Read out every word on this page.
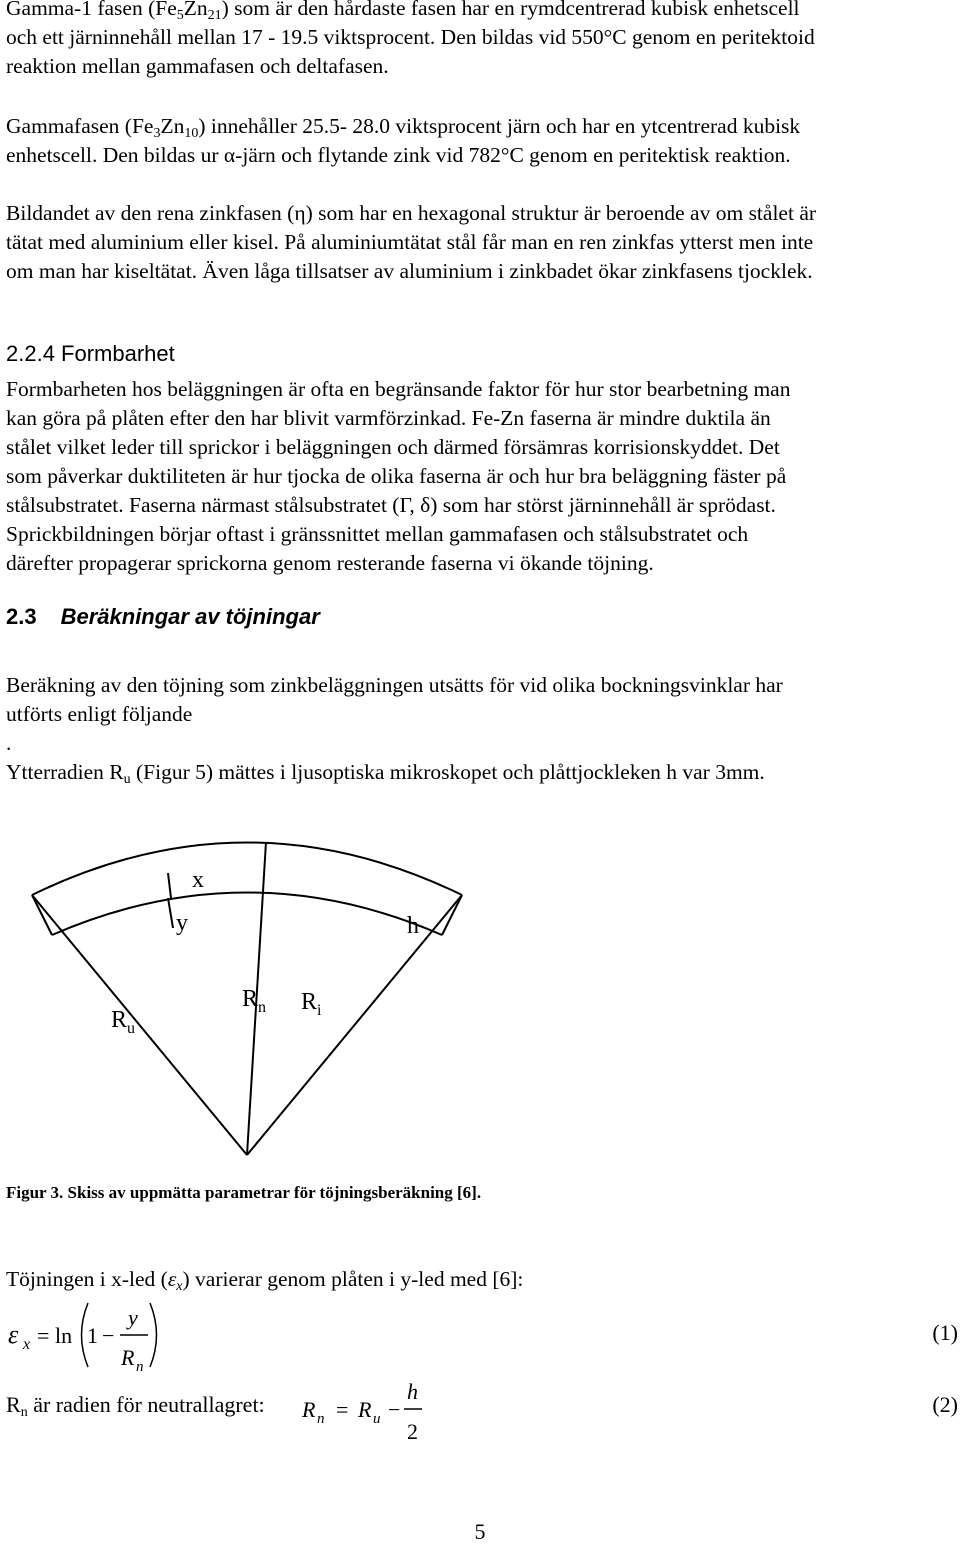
Gamma-1 fasen $(Fe_5Zn_{21})$ som är den hårdaste fasen har en rymdcentrerad kubisk enhetscell
och ett järninnehåll mellan 17 - 19.5 viktsprocent. Den bildas vid 550°C genom en peritektoid
reaktion mellan gammafasen och deltafasen.
Gammafasen $(Fe_3Zn_{10})$ innehåller 25.5- 28.0 viktsprocent järn och har en ytcentrerad kubisk
enhetscell. Den bildas ur α-järn och flytande zink vid 782°C genom en peritektisk reaktion.
Bildandet av den rena zinkfasen (η) som har en hexagonal struktur är beroende av om stålet är
tätat med aluminium eller kisel. På aluminiumtätat stål får man en ren zinkfas ytterst men inte
om man har kiseltätat. Även låga tillsatser av aluminium i zinkbadet ökar zinkfasens tjocklek.
2.2.4 Formbarhet
Formbarheten hos beläggningen är ofta en begränsande faktor för hur stor bearbetning man
kan göra på plåten efter den har blivit varmförzinkad. Fe-Zn faserna är mindre duktila än
stålet vilket leder till sprickor i beläggningen och därmed försämras korrisionskyddet. Det
som påverkar duktiliteten är hur tjocka de olika faserna är och hur bra beläggning fäster på
stålsubstratet. Faserna närmast stålsubstratet (Γ, δ) som har störst järninnehåll är sprödast.
Sprickbildningen börjar oftast i gränssnittet mellan gammafasen och stålsubstratet och
därefter propagerar sprickorna genom resterande faserna vi ökande töjning.
2.3 Beräkningar av töjningar
Beräkning av den töjning som zinkbeläggningen utsätts för vid olika bockningsvinklar har
utförts enligt följande
.
Ytterradien $R_u$ (Figur 5) mättes i ljusoptiska mikroskopet och plåttjockleken h var 3mm.
x
y	h
$R_u$
$R_n$ $R_i$

Figur 3. Skiss av uppmätta parametrar för töjningsberäkning [6].

Töjningen i x-led $(\varepsilon_x)$ varierar genom plåten i y-led med [6]:
ε x = ln 1 −
y
R n
(1)
$R_n$ är radien för neutrallagret: R n = R u −
h
2
(2)
5
